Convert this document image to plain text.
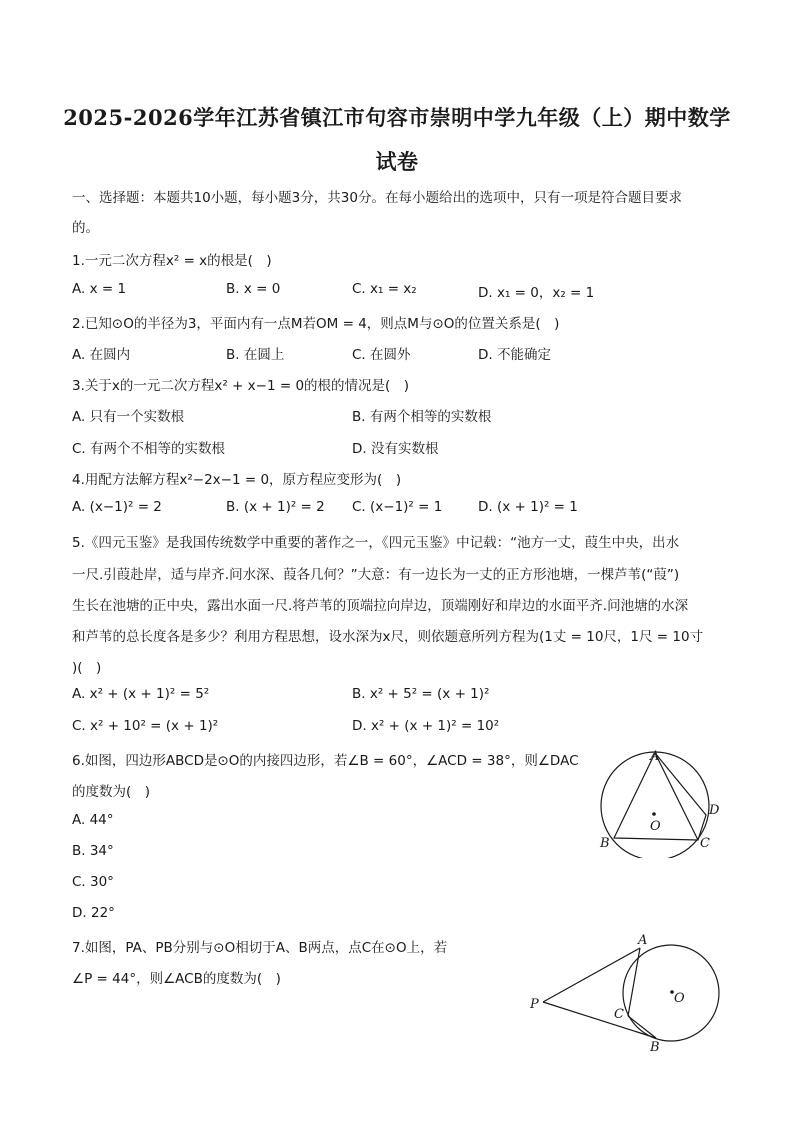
2025-2026学年江苏省镇江市句容市崇明中学九年级（上）期中数学
试卷
一、选择题：本题共10小题，每小题3分，共30分。在每小题给出的选项中，只有一项是符合题目要求
的。
1.一元二次方程x² = x的根是(　)
A. x = 1	B. x = 0	C. x₁ = x₂	D. x₁ = 0，x₂ = 1
2.已知⊙O的半径为3，平面内有一点M若OM = 4，则点M与⊙O的位置关系是(　)
A. 在圆内	B. 在圆上	C. 在圆外	D. 不能确定
3.关于x的一元二次方程x² + x−1 = 0的根的情况是(　)
A. 只有一个实数根	B. 有两个相等的实数根
C. 有两个不相等的实数根	D. 没有实数根
4.用配方法解方程x²−2x−1 = 0，原方程应变形为(　)
A. (x−1)² = 2	B. (x + 1)² = 2 C. (x−1)² = 1	D. (x + 1)² = 1
5.《四元玉鉴》是我国传统数学中重要的著作之一，《四元玉鉴》中记载：“池方一丈，葭生中央，出水
一尺.引葭赴岸，适与岸齐.问水深、葭各几何？”大意：有一边长为一丈的正方形池塘，一棵芦苇(“葭”)
生长在池塘的正中央，露出水面一尺.将芦苇的顶端拉向岸边，顶端刚好和岸边的水面平齐.问池塘的水深
和芦苇的总长度各是多少？利用方程思想，设水深为x尺，则依题意所列方程为(1丈 = 10尺，1尺 = 10寸
)(　)
A. x² + (x + 1)² = 5²	B. x² + 5² = (x + 1)²
C. x² + 10² = (x + 1)²	D. x² + (x + 1)² = 10²
6.如图，四边形ABCD是⊙O的内接四边形，若∠B = 60°，∠ACD = 38°，则∠DAC
的度数为(　)
A. 44°
B. 34°
C. 30°
D. 22°
A
B	C
D
O
7.如图，PA、PB分别与⊙O相切于A、B两点，点C在⊙O上，若
∠P = 44°，则∠ACB的度数为(　)
A
B
C
O
P
